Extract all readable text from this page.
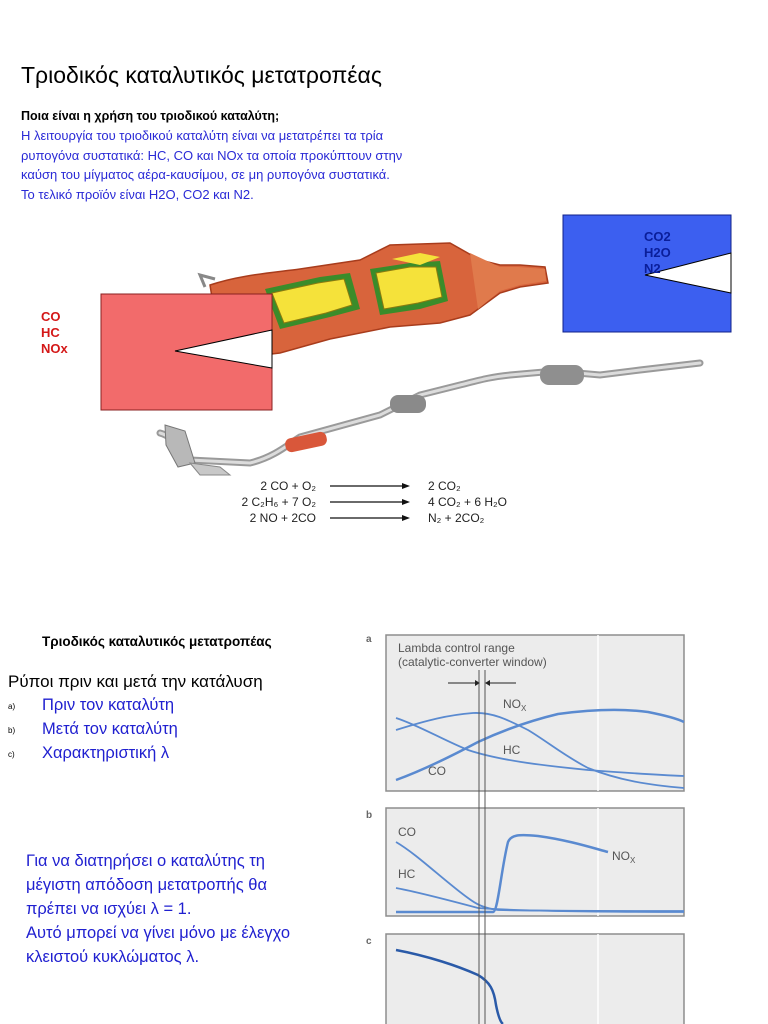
Τριοδικός καταλυτικός μετατροπέας
Ποια είναι η χρήση του τριοδικού καταλύτη;
Η λειτουργία του τριοδικού καταλύτη είναι να μετατρέπει τα τρία
ρυπογόνα συστατικά: HC, CO και NOx τα οποία προκύπτουν στην
καύση του μίγματος αέρα-καυσίμου, σε μη ρυπογόνα συστατικά.
Το τελικό προϊόν είναι H2O, CO2 και N2.
CO
HC
NOx
CO2
H2O
N2
2 CO + O₂	2 CO₂
2 C₂H₆ + 7 O₂	4 CO₂ + 6 H₂O
2 NO + 2CO	N₂ + 2CO₂
Τριοδικός καταλυτικός μετατροπέας
Ρύποι πριν και μετά την κατάλυση
a) Πριν τον καταλύτη
b) Μετά τον καταλύτη
c) Χαρακτηριστική λ
Για να διατηρήσει ο καταλύτης τη
μέγιστη απόδοση μετατροπής θα
πρέπει να ισχύει λ = 1.
Αυτό μπορεί να γίνει μόνο με έλεγχο
κλειστού κυκλώματος λ.
a
Lambda control range
(catalytic-converter window)
$NO_X$
HC
CO
b
CO
HC
$NO_X$
c
